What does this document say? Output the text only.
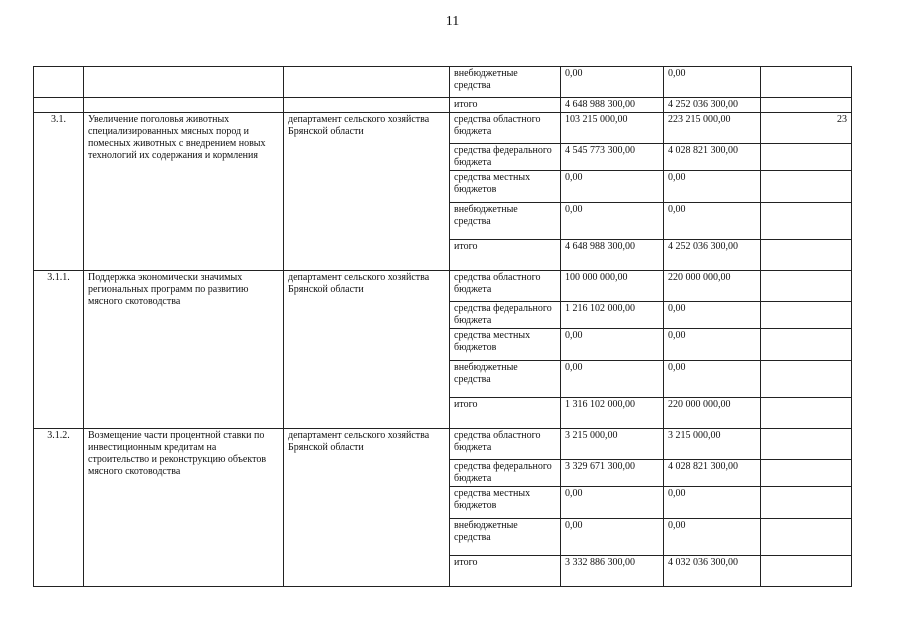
11
			внебюджетные средства	0,00	0,00	
			итого	4 648 988 300,00	4 252 036 300,00	
3.1.	Увеличение поголовья животных специализированных мясных пород и помесных животных с внедрением новых технологий их содержания и кормления	департамент сельского хозяйства Брянской области	средства областного бюджета	103 215 000,00	223 215 000,00	23
			средства федерального бюджета	4 545 773 300,00	4 028 821 300,00	
			средства местных бюджетов	0,00	0,00	
			внебюджетные средства	0,00	0,00	
			итого	4 648 988 300,00	4 252 036 300,00	
3.1.1.	Поддержка экономически значимых региональных программ по развитию мясного скотоводства	департамент сельского хозяйства Брянской области	средства областного бюджета	100 000 000,00	220 000 000,00	
			средства федерального бюджета	1 216 102 000,00	0,00	
			средства местных бюджетов	0,00	0,00	
			внебюджетные средства	0,00	0,00	
			итого	1 316 102 000,00	220 000 000,00	
3.1.2.	Возмещение части процентной ставки по инвестиционным кредитам на строительство и реконструкцию объектов мясного скотоводства	департамент сельского хозяйства Брянской области	средства областного бюджета	3 215 000,00	3 215 000,00	
			средства федерального бюджета	3 329 671 300,00	4 028 821 300,00	
			средства местных бюджетов	0,00	0,00	
			внебюджетные средства	0,00	0,00	
			итого	3 332 886 300,00	4 032 036 300,00	
